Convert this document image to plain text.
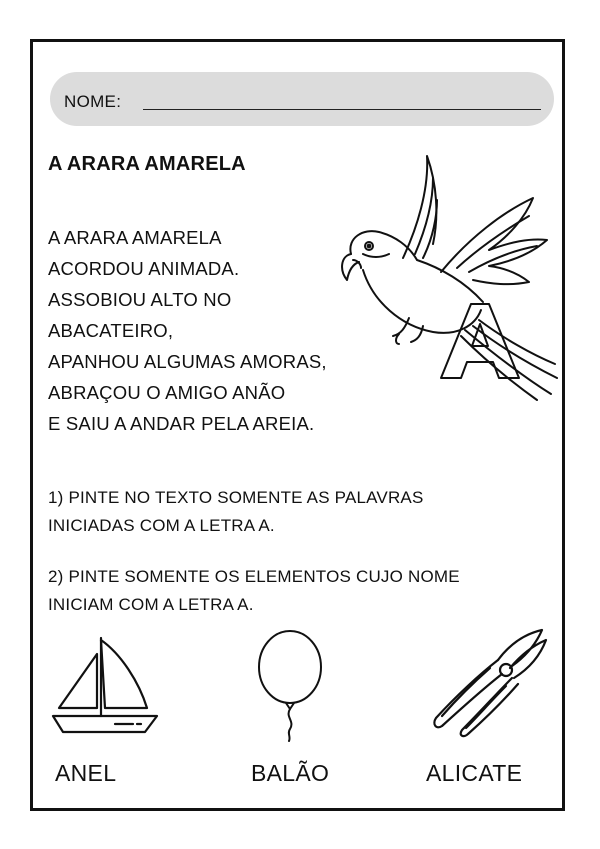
NOME:
A ARARA AMARELA
A ARARA AMARELA
ACORDOU ANIMADA.
ASSOBIOU ALTO NO
ABACATEIRO,
APANHOU ALGUMAS AMORAS,
ABRAÇOU O AMIGO ANÃO
E SAIU A ANDAR PELA AREIA.
1) PINTE NO TEXTO SOMENTE AS PALAVRAS
INICIADAS COM A LETRA A.
2) PINTE SOMENTE OS ELEMENTOS CUJO NOME
INICIAM COM A LETRA A.
ANEL	BALÃO	ALICATE
